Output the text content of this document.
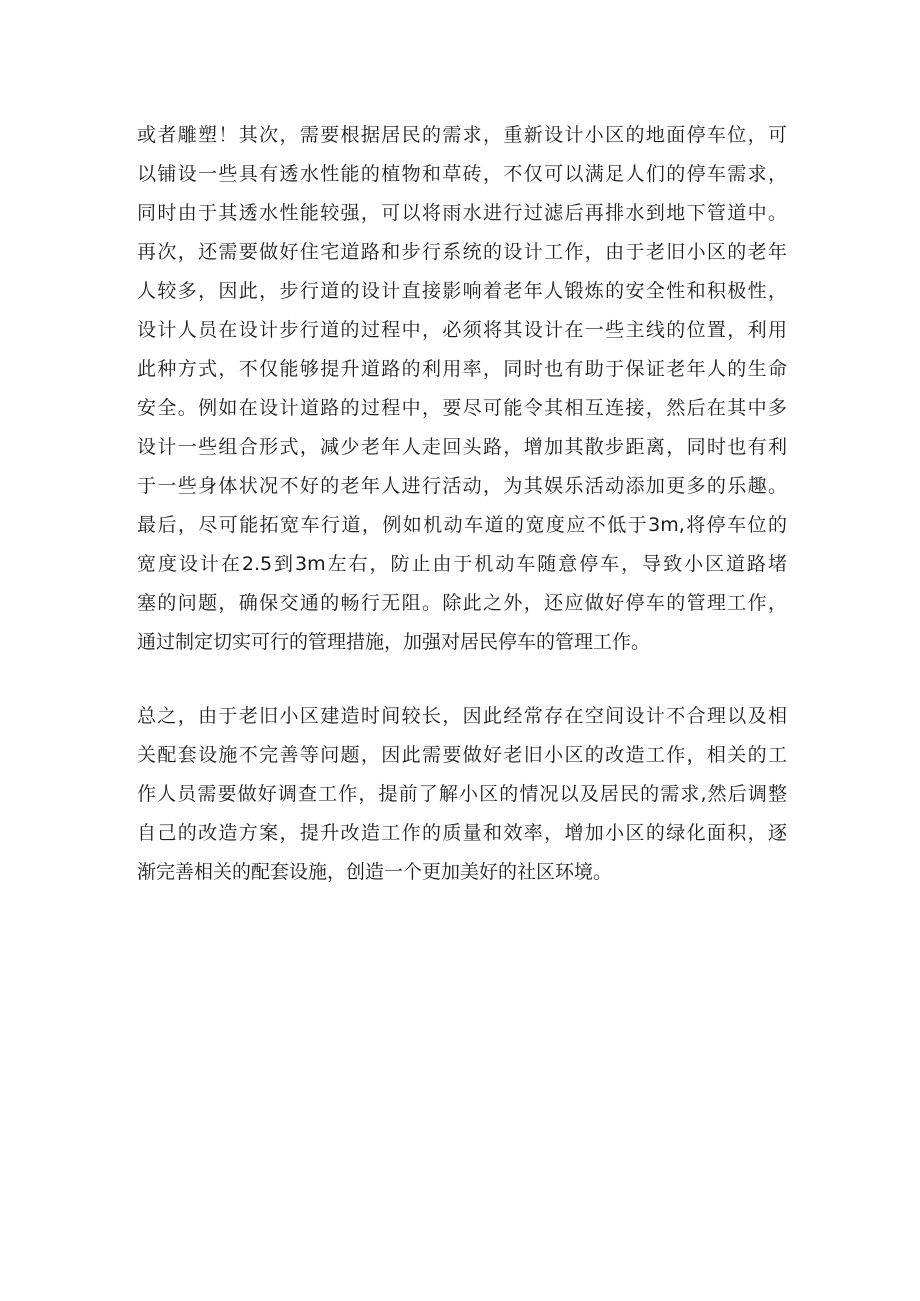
或者雕塑！其次，需要根据居民的需求，重新设计小区的地面停车位，可
以铺设一些具有透水性能的植物和草砖，不仅可以满足人们的停车需求，
同时由于其透水性能较强，可以将雨水进行过滤后再排水到地下管道中。
再次，还需要做好住宅道路和步行系统的设计工作，由于老旧小区的老年
人较多，因此，步行道的设计直接影响着老年人锻炼的安全性和积极性，
设计人员在设计步行道的过程中，必须将其设计在一些主线的位置，利用
此种方式，不仅能够提升道路的利用率，同时也有助于保证老年人的生命
安全。例如在设计道路的过程中，要尽可能令其相互连接，然后在其中多
设计一些组合形式，减少老年人走回头路，增加其散步距离，同时也有利
于一些身体状况不好的老年人进行活动，为其娱乐活动添加更多的乐趣。
最后，尽可能拓宽车行道，例如机动车道的宽度应不低于3m,将停车位的
宽度设计在2.5到3m左右，防止由于机动车随意停车，导致小区道路堵
塞的问题，确保交通的畅行无阻。除此之外，还应做好停车的管理工作，
通过制定切实可行的管理措施，加强对居民停车的管理工作。
总之，由于老旧小区建造时间较长，因此经常存在空间设计不合理以及相
关配套设施不完善等问题，因此需要做好老旧小区的改造工作，相关的工
作人员需要做好调查工作，提前了解小区的情况以及居民的需求,然后调整
自己的改造方案，提升改造工作的质量和效率，增加小区的绿化面积，逐
渐完善相关的配套设施，创造一个更加美好的社区环境。
